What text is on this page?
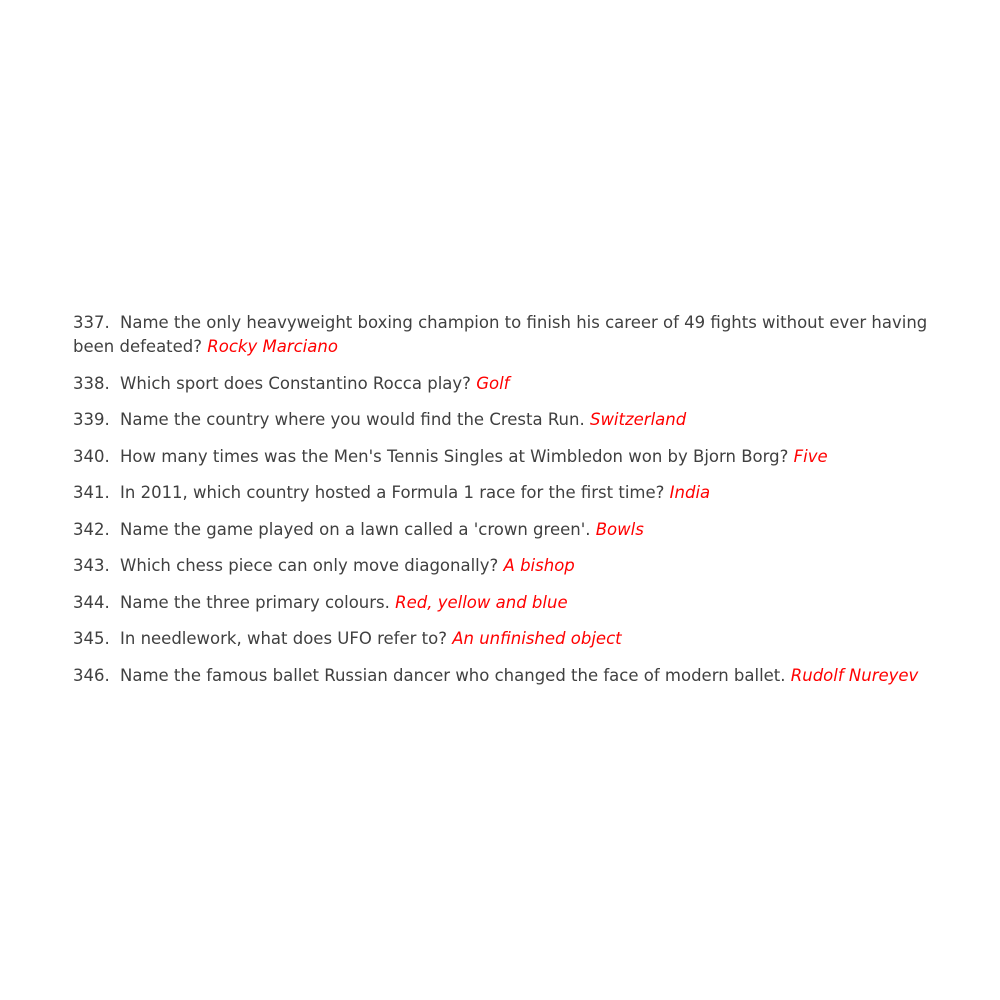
337. Name the only heavyweight boxing champion to finish his career of 49 fights without ever having been defeated? Rocky Marciano
338. Which sport does Constantino Rocca play? Golf
339. Name the country where you would find the Cresta Run. Switzerland
340. How many times was the Men's Tennis Singles at Wimbledon won by Bjorn Borg? Five
341. In 2011, which country hosted a Formula 1 race for the first time? India
342. Name the game played on a lawn called a 'crown green'. Bowls
343. Which chess piece can only move diagonally? A bishop
344. Name the three primary colours. Red, yellow and blue
345. In needlework, what does UFO refer to? An unfinished object
346. Name the famous ballet Russian dancer who changed the face of modern ballet. Rudolf Nureyev
